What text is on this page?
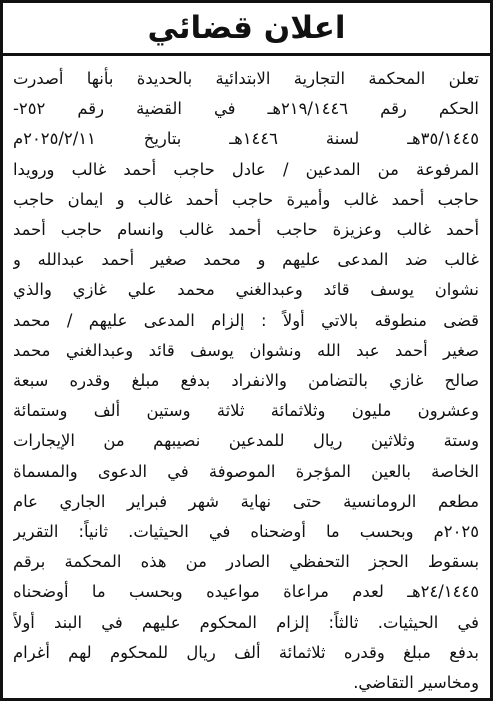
اعلان قضائي
تعلن المحكمة التجارية الابتدائية بالحديدة بأنها أصدرت
الحكم رقم ٢١٩/١٤٤٦هـ في القضية رقم ٢٥٢-
٣٥/١٤٤٥هـ لسنة ١٤٤٦هـ بتاريخ ٢٠٢٥/٢/١١م
المرفوعة من المدعين / عادل حاجب أحمد غالب ورويدا
حاجب أحمد غالب وأميرة حاجب أحمد غالب و ايمان حاجب
أحمد غالب وعزيزة حاجب أحمد غالب وانسام حاجب أحمد
غالب ضد المدعى عليهم و محمد صغير أحمد عبدالله و
نشوان يوسف قائد وعبدالغني محمد علي غازي والذي
قضى منطوقه بالاتي أولاً : إلزام المدعى عليهم / محمد
صغير أحمد عبد الله ونشوان يوسف قائد وعبدالغني محمد
صالح غازي بالتضامن والانفراد بدفع مبلغ وقدره سبعة
وعشرون مليون وثلاثمائة ثلاثة وستين ألف وستمائة
وستة وثلاثين ريال للمدعين نصيبهم من الإيجارات
الخاصة بالعين المؤجرة الموصوفة في الدعوى والمسماة
مطعم الرومانسية حتى نهاية شهر فبراير الجاري عام
٢٠٢٥م وبحسب ما أوضحناه في الحيثيات. ثانياً: التقرير
بسقوط الحجز التحفظي الصادر من هذه المحكمة برقم
٢٤/١٤٤٥هـ لعدم مراعاة مواعيده وبحسب ما أوضحناه
في الحيثيات. ثالثاً: إلزام المحكوم عليهم في البند أولاً
بدفع مبلغ وقدره ثلاثمائة ألف ريال للمحكوم لهم أغرام
ومخاسير التقاضي.
